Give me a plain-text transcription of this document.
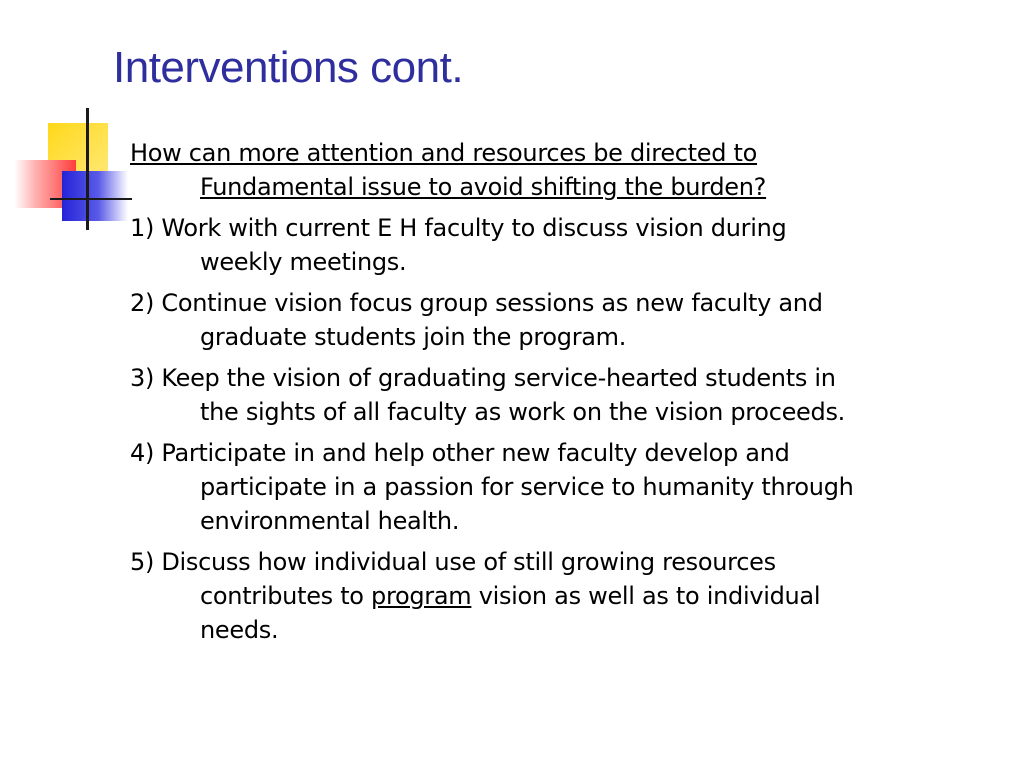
Interventions cont.

How can more attention and resources be directed to
Fundamental issue to avoid shifting the burden?

1) Work with current E H faculty to discuss vision during
weekly meetings.

2) Continue vision focus group sessions as new faculty and
graduate students join the program.

3) Keep the vision of graduating service-hearted students in
the sights of all faculty as work on the vision proceeds.

4) Participate in and help other new faculty develop and
participate in a passion for service to humanity through
environmental health.

5) Discuss how individual use of still growing resources
contributes to program vision as well as to individual
needs.
